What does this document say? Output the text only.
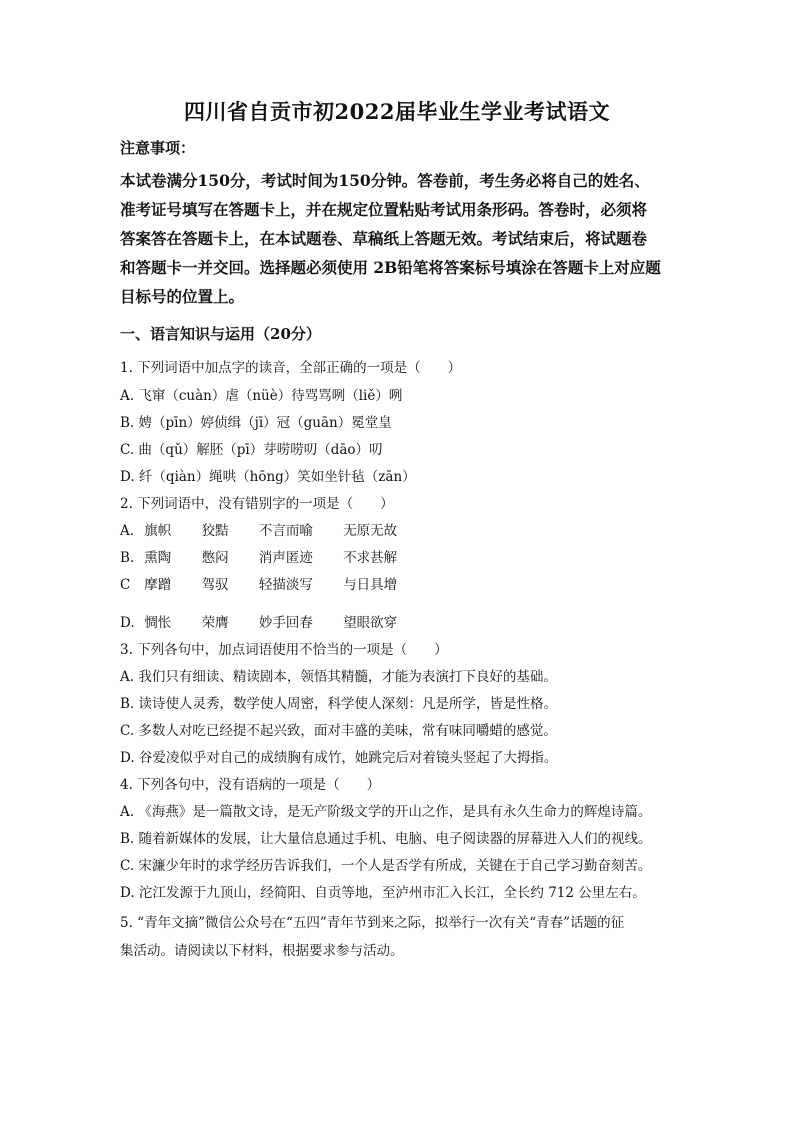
四川省自贡市初2022届毕业生学业考试语文
注意事项：
本试卷满分150分，考试时间为150分钟。答卷前，考生务必将自己的姓名、
准考证号填写在答题卡上，并在规定位置粘贴考试用条形码。答卷时，必须将
答案答在答题卡上，在本试题卷、草稿纸上答题无效。考试结束后，将试题卷
和答题卡一并交回。选择题必须使用 2B铅笔将答案标号填涂在答题卡上对应题
目标号的位置上。
一、语言知识与运用（20分）
1. 下列词语中加点字的读音，全部正确的一项是（　　）
A. 飞窜（cuàn）虐（nüè）待骂骂咧（liě）咧
B. 娉（pīn）婷侦缉（jī）冠（guān）冕堂皇
C. 曲（qǔ）解胚（pī）芽唠唠叨（dāo）叨
D. 纤（qiàn）绳哄（hōng）笑如坐针毡（zān）
2. 下列词语中，没有错别字的一项是（　　）
A. 旗帜 狡黠 不言而喻 无原无故
B. 熏陶 憋闷 消声匿迹 不求甚解
C 摩蹭 驾驭 轻描淡写 与日具增
D. 惆怅 荣膺 妙手回春 望眼欲穿
3. 下列各句中，加点词语使用不恰当的一项是（　　）
A. 我们只有细读、精读剧本，领悟其精髓，才能为表演打下良好的基础。
B. 读诗使人灵秀，数学使人周密，科学使人深刻：凡是所学，皆是性格。
C. 多数人对吃已经提不起兴致，面对丰盛的美味，常有味同嚼蜡的感觉。
D. 谷爱凌似乎对自己的成绩胸有成竹，她跳完后对着镜头竖起了大拇指。
4. 下列各句中，没有语病的一项是（　　）
A. 《海燕》是一篇散文诗，是无产阶级文学的开山之作，是具有永久生命力的辉煌诗篇。
B. 随着新媒体的发展，让大量信息通过手机、电脑、电子阅读器的屏幕进入人们的视线。
C. 宋濂少年时的求学经历告诉我们，一个人是否学有所成，关键在于自己学习勤奋刻苦。
D. 沱江发源于九顶山，经简阳、自贡等地，至泸州市汇入长江，全长约 712 公里左右。
5. “青年文摘”微信公众号在“五四”青年节到来之际，拟举行一次有关“青春”话题的征
集活动。请阅读以下材料，根据要求参与活动。
